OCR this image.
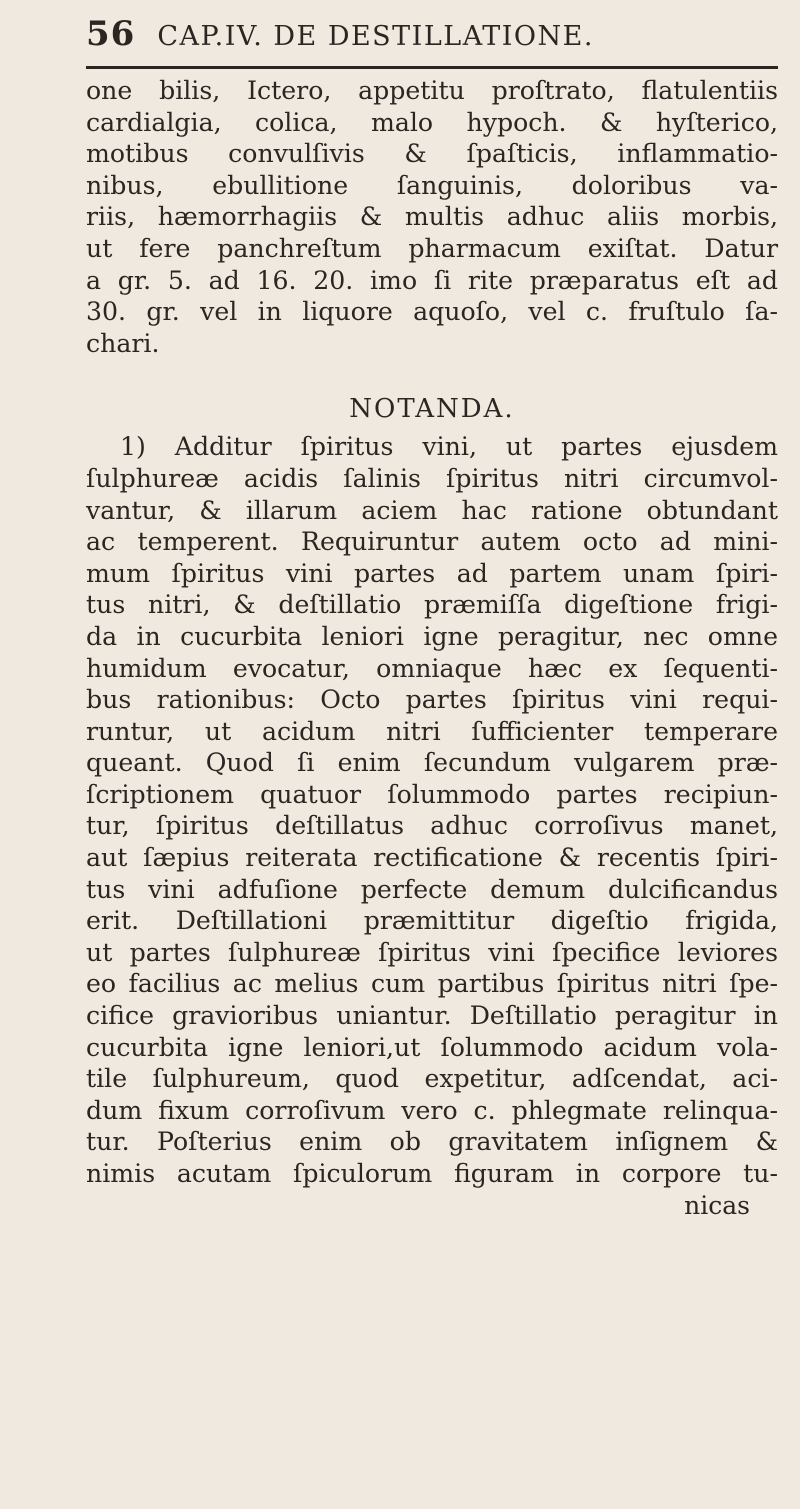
56 CAP.IV. DE DESTILLATIONE.
one bilis, Ictero, appetitu proſtrato, flatulentiis
cardialgia, colica, malo hypoch. & hyſterico,
motibus convulſivis & ſpaſticis, inflammatio-
nibus, ebullitione ſanguinis, doloribus va-
riis, hæmorrhagiis & multis adhuc aliis morbis,
ut fere panchreſtum pharmacum exiſtat. Datur
a gr. 5. ad 16. 20. imo ſi rite præparatus eſt ad
30. gr. vel in liquore aquoſo, vel c. fruſtulo ſa-
chari.
NOTANDA.
1) Additur ſpiritus vini, ut partes ejusdem
ſulphureæ acidis ſalinis ſpiritus nitri circumvol-
vantur, & illarum aciem hac ratione obtundant
ac temperent. Requiruntur autem octo ad mini-
mum ſpiritus vini partes ad partem unam ſpiri-
tus nitri, & deſtillatio præmiſſa digeſtione frigi-
da in cucurbita leniori igne peragitur, nec omne
humidum evocatur, omniaque hæc ex ſequenti-
bus rationibus: Octo partes ſpiritus vini requi-
runtur, ut acidum nitri ſufficienter temperare
queant. Quod ſi enim ſecundum vulgarem præ-
ſcriptionem quatuor ſolummodo partes recipiun-
tur, ſpiritus deſtillatus adhuc corroſivus manet,
aut ſæpius reiterata rectificatione & recentis ſpiri-
tus vini adfuſione perfecte demum dulcificandus
erit. Deſtillationi præmittitur digeſtio frigida,
ut partes ſulphureæ ſpiritus vini ſpecifice leviores
eo facilius ac melius cum partibus ſpiritus nitri ſpe-
cifice gravioribus uniantur. Deſtillatio peragitur in
cucurbita igne leniori,ut ſolummodo acidum vola-
tile ſulphureum, quod expetitur, adſcendat, aci-
dum fixum corroſivum vero c. phlegmate relinqua-
tur. Poſterius enim ob gravitatem inſignem &
nimis acutam ſpiculorum figuram in corpore tu-
nicas
